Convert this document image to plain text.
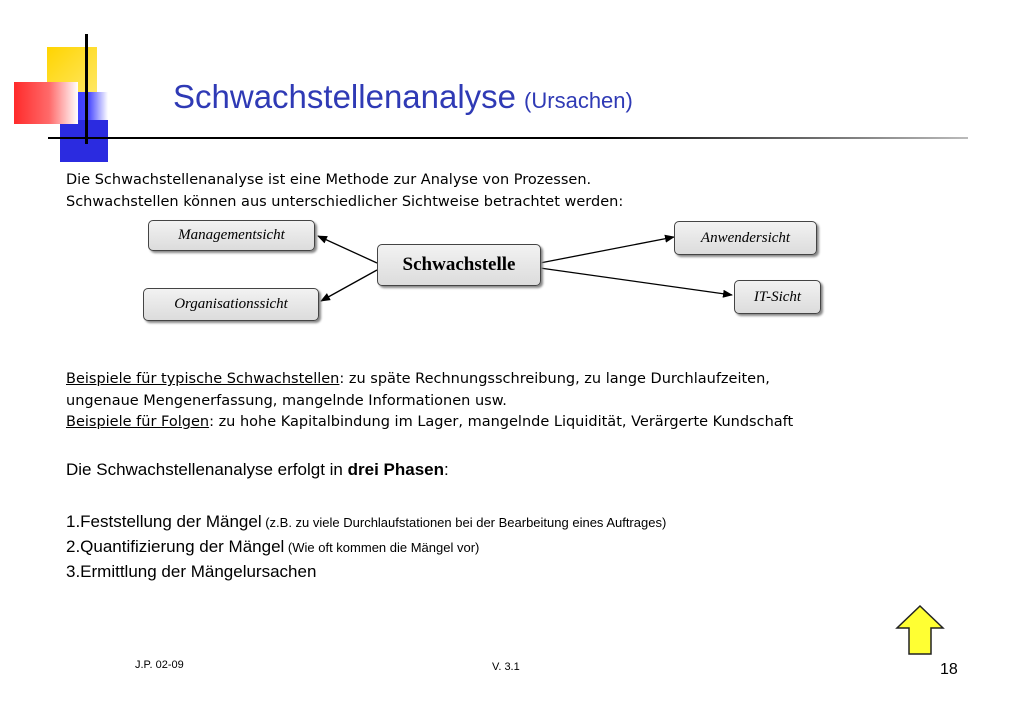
Schwachstellenanalyse (Ursachen)
Die Schwachstellenanalyse ist eine Methode zur Analyse von Prozessen.
Schwachstellen können aus unterschiedlicher Sichtweise betrachtet werden:
Managementsicht
Organisationssicht
Schwachstelle
Anwendersicht
IT-Sicht
Beispiele für typische Schwachstellen: zu späte Rechnungsschreibung, zu lange Durchlaufzeiten,
ungenaue Mengenerfassung, mangelnde Informationen usw.
Beispiele für Folgen: zu hohe Kapitalbindung im Lager, mangelnde Liquidität, Verärgerte Kundschaft
Die Schwachstellenanalyse erfolgt in drei Phasen:
1.Feststellung der Mängel (z.B. zu viele Durchlaufstationen bei der Bearbeitung eines Auftrages)
2.Quantifizierung der Mängel (Wie oft kommen die Mängel vor)
3.Ermittlung der Mängelursachen
J.P. 02-09	V. 3.1	18
